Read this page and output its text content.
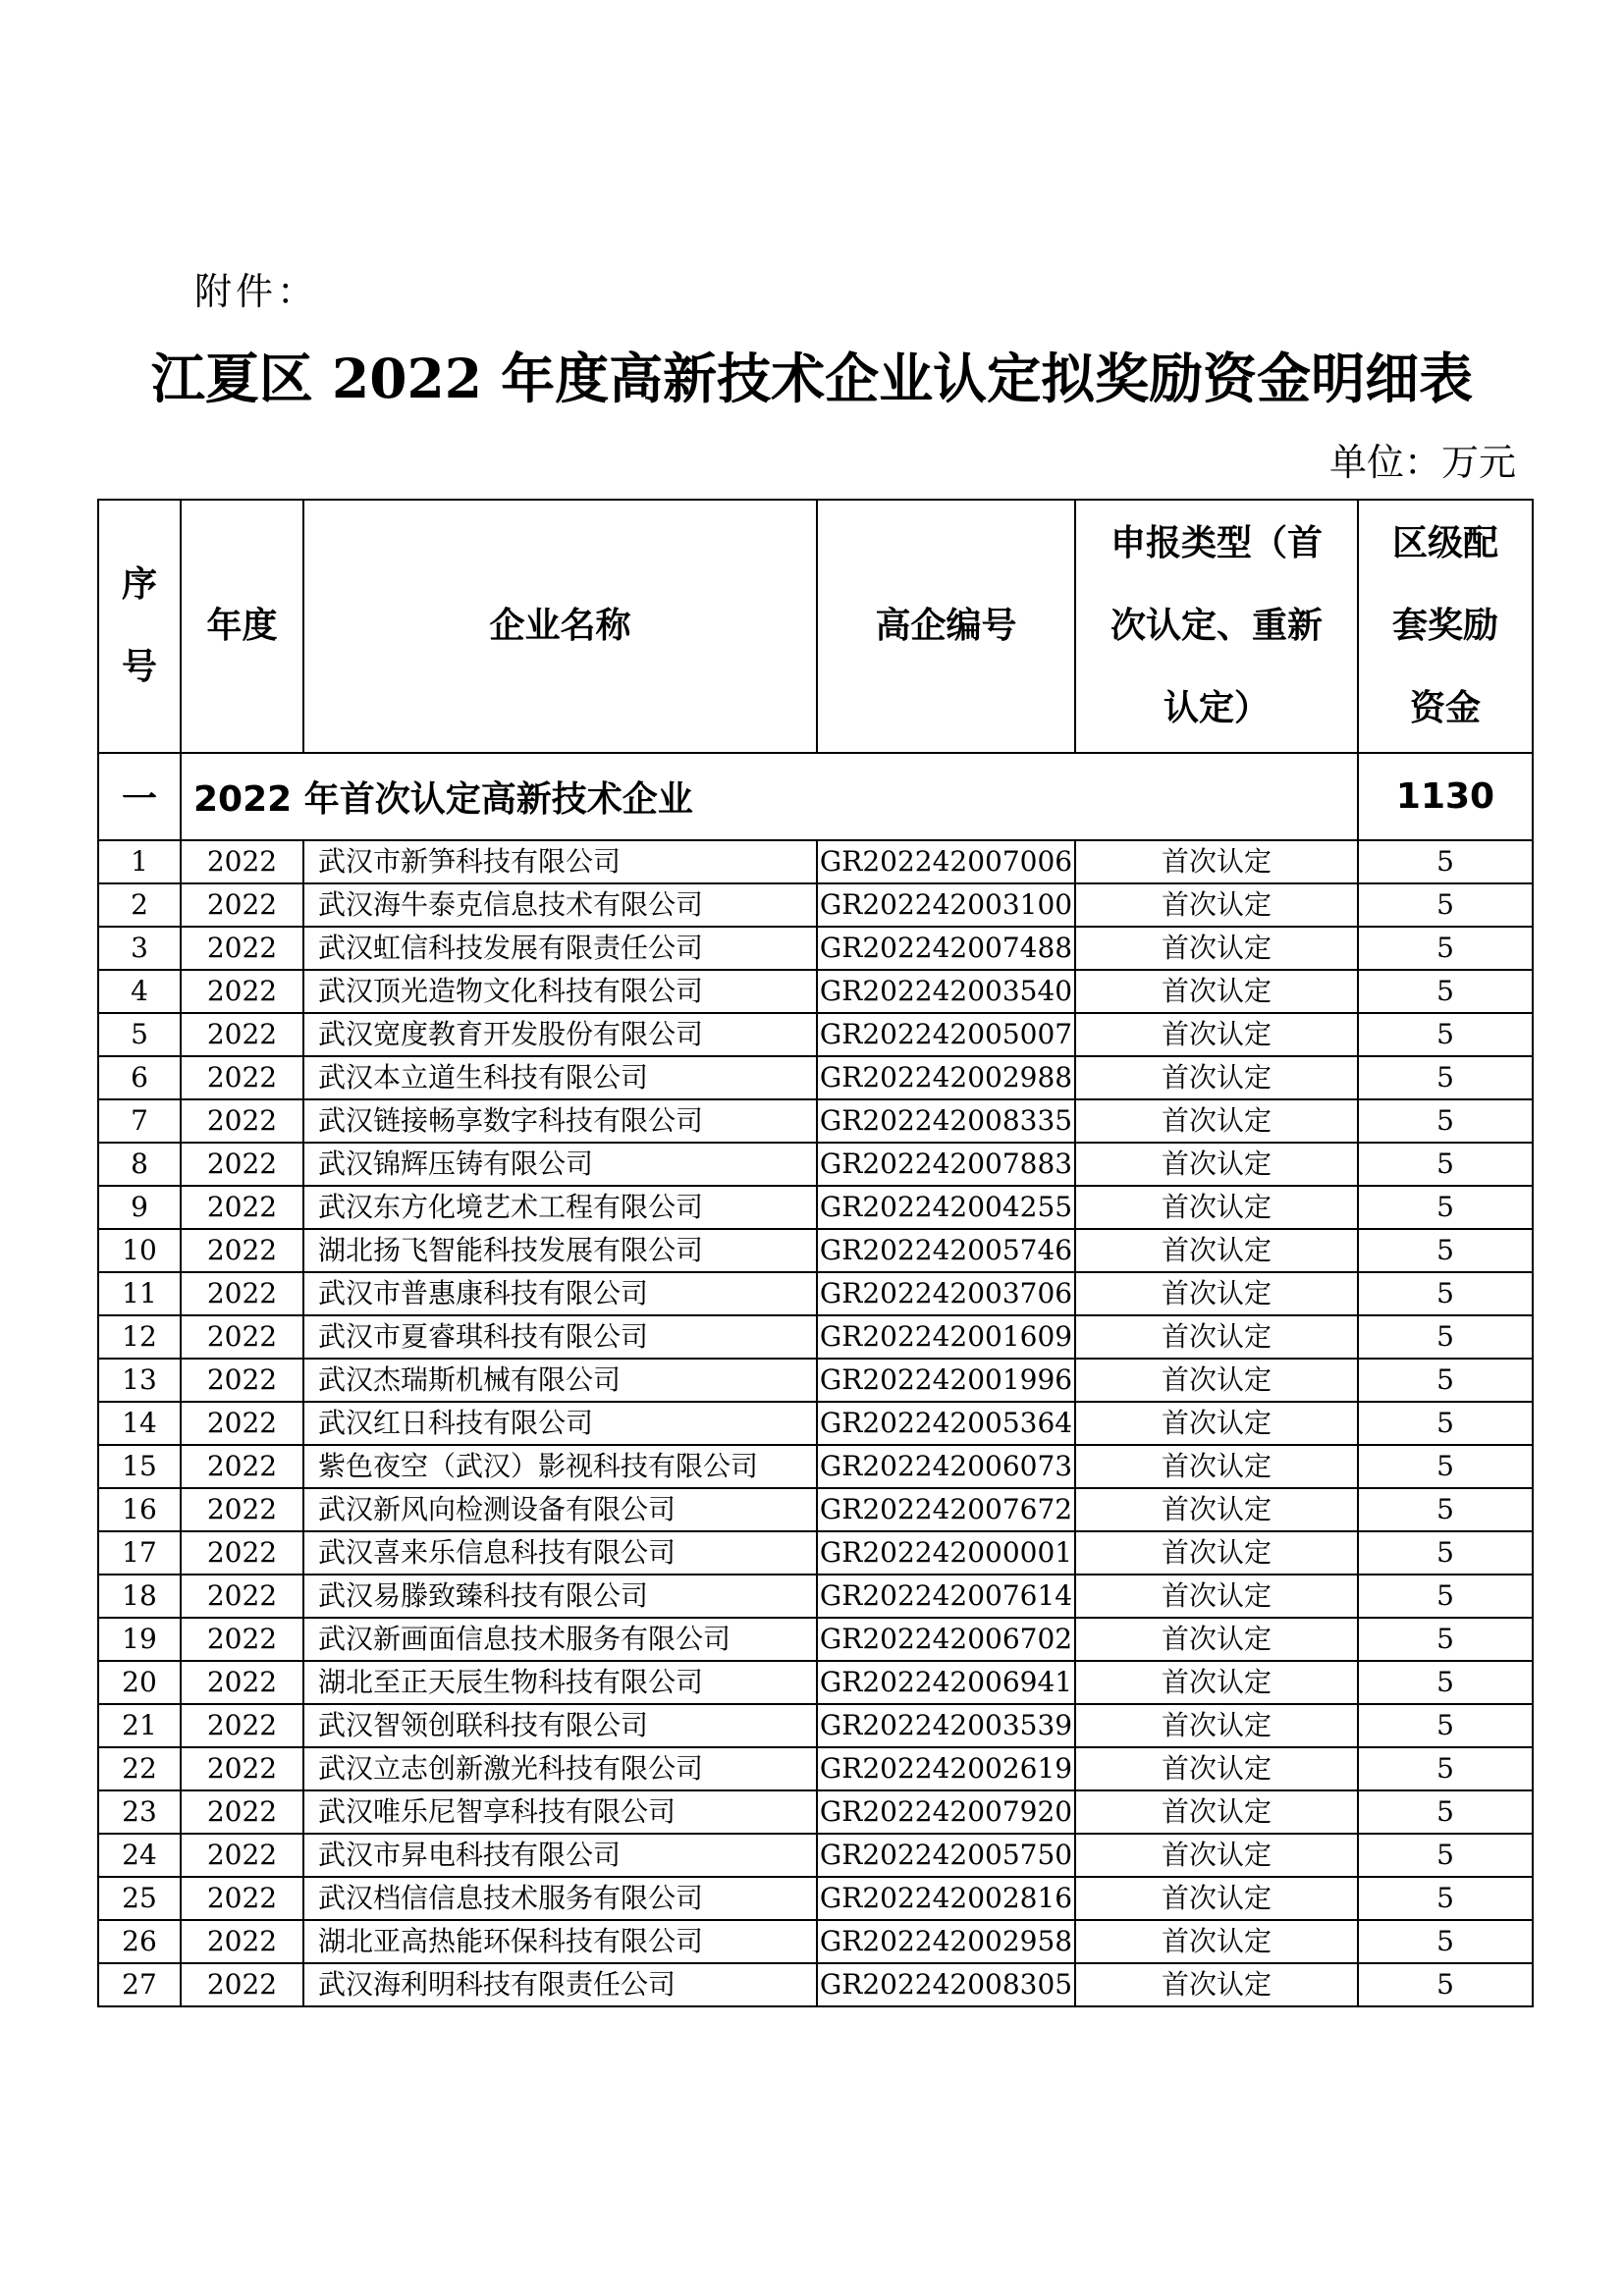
附件：
江夏区 2022 年度高新技术企业认定拟奖励资金明细表
单位：万元
序号	年度	企业名称	高企编号	申报类型（首次认定、重新认定）	区级配套奖励资金

一	2022 年首次认定高新技术企业				1130
1	2022	武汉市新笋科技有限公司	GR202242007006	首次认定	5
2	2022	武汉海牛泰克信息技术有限公司	GR202242003100	首次认定	5
3	2022	武汉虹信科技发展有限责任公司	GR202242007488	首次认定	5
4	2022	武汉顶光造物文化科技有限公司	GR202242003540	首次认定	5
5	2022	武汉宽度教育开发股份有限公司	GR202242005007	首次认定	5
6	2022	武汉本立道生科技有限公司	GR202242002988	首次认定	5
7	2022	武汉链接畅享数字科技有限公司	GR202242008335	首次认定	5
8	2022	武汉锦辉压铸有限公司	GR202242007883	首次认定	5
9	2022	武汉东方化境艺术工程有限公司	GR202242004255	首次认定	5
10	2022	湖北扬飞智能科技发展有限公司	GR202242005746	首次认定	5
11	2022	武汉市普惠康科技有限公司	GR202242003706	首次认定	5
12	2022	武汉市夏睿琪科技有限公司	GR202242001609	首次认定	5
13	2022	武汉杰瑞斯机械有限公司	GR202242001996	首次认定	5
14	2022	武汉红日科技有限公司	GR202242005364	首次认定	5
15	2022	紫色夜空（武汉）影视科技有限公司	GR202242006073	首次认定	5
16	2022	武汉新风向检测设备有限公司	GR202242007672	首次认定	5
17	2022	武汉喜来乐信息科技有限公司	GR202242000001	首次认定	5
18	2022	武汉易滕致臻科技有限公司	GR202242007614	首次认定	5
19	2022	武汉新画面信息技术服务有限公司	GR202242006702	首次认定	5
20	2022	湖北至正天辰生物科技有限公司	GR202242006941	首次认定	5
21	2022	武汉智领创联科技有限公司	GR202242003539	首次认定	5
22	2022	武汉立志创新激光科技有限公司	GR202242002619	首次认定	5
23	2022	武汉唯乐尼智享科技有限公司	GR202242007920	首次认定	5
24	2022	武汉市昇电科技有限公司	GR202242005750	首次认定	5
25	2022	武汉档信信息技术服务有限公司	GR202242002816	首次认定	5
26	2022	湖北亚高热能环保科技有限公司	GR202242002958	首次认定	5
27	2022	武汉海利明科技有限责任公司	GR202242008305	首次认定	5
